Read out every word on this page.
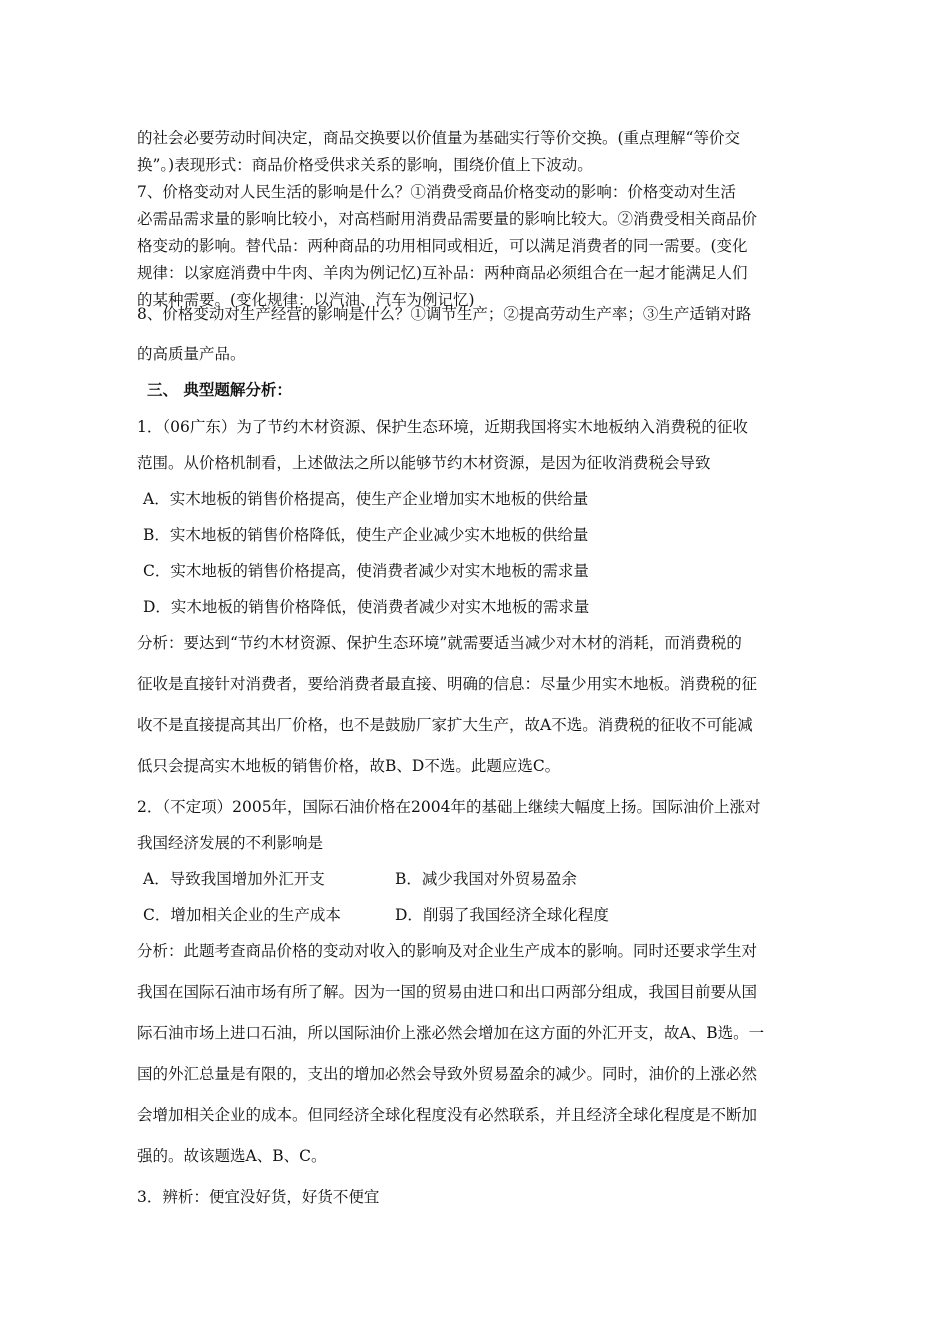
的社会必要劳动时间决定，商品交换要以价值量为基础实行等价交换。(重点理解“等价交
换”。)表现形式：商品价格受供求关系的影响，围绕价值上下波动。
7、价格变动对人民生活的影响是什么？①消费受商品价格变动的影响：价格变动对生活
必需品需求量的影响比较小，对高档耐用消费品需要量的影响比较大。②消费受相关商品价
格变动的影响。替代品：两种商品的功用相同或相近，可以满足消费者的同一需要。(变化
规律：以家庭消费中牛肉、羊肉为例记忆)互补品：两种商品必须组合在一起才能满足人们
的某种需要。(变化规律：以汽油、汽车为例记忆)
8、价格变动对生产经营的影响是什么？①调节生产；②提高劳动生产率；③生产适销对路
的高质量产品。
三、 典型题解分析：
1．（06广东）为了节约木材资源、保护生态环境，近期我国将实木地板纳入消费税的征收
范围。从价格机制看，上述做法之所以能够节约木材资源，是因为征收消费税会导致
A．实木地板的销售价格提高，使生产企业增加实木地板的供给量
B．实木地板的销售价格降低，使生产企业减少实木地板的供给量
C．实木地板的销售价格提高，使消费者减少对实木地板的需求量
D．实木地板的销售价格降低，使消费者减少对实木地板的需求量
分析：要达到“节约木材资源、保护生态环境”就需要适当减少对木材的消耗，而消费税的
征收是直接针对消费者，要给消费者最直接、明确的信息：尽量少用实木地板。消费税的征
收不是直接提高其出厂价格，也不是鼓励厂家扩大生产，故A不选。消费税的征收不可能减
低只会提高实木地板的销售价格，故B、D不选。此题应选C。
2．（不定项）2005年，国际石油价格在2004年的基础上继续大幅度上扬。国际油价上涨对
我国经济发展的不利影响是
A．导致我国增加外汇开支	B．减少我国对外贸易盈余
C．增加相关企业的生产成本	D．削弱了我国经济全球化程度
分析：此题考查商品价格的变动对收入的影响及对企业生产成本的影响。同时还要求学生对
我国在国际石油市场有所了解。因为一国的贸易由进口和出口两部分组成，我国目前要从国
际石油市场上进口石油，所以国际油价上涨必然会增加在这方面的外汇开支，故A、B选。一
国的外汇总量是有限的，支出的增加必然会导致外贸易盈余的减少。同时，油价的上涨必然
会增加相关企业的成本。但同经济全球化程度没有必然联系，并且经济全球化程度是不断加
强的。故该题选A、B、C。
3．辨析：便宜没好货，好货不便宜
